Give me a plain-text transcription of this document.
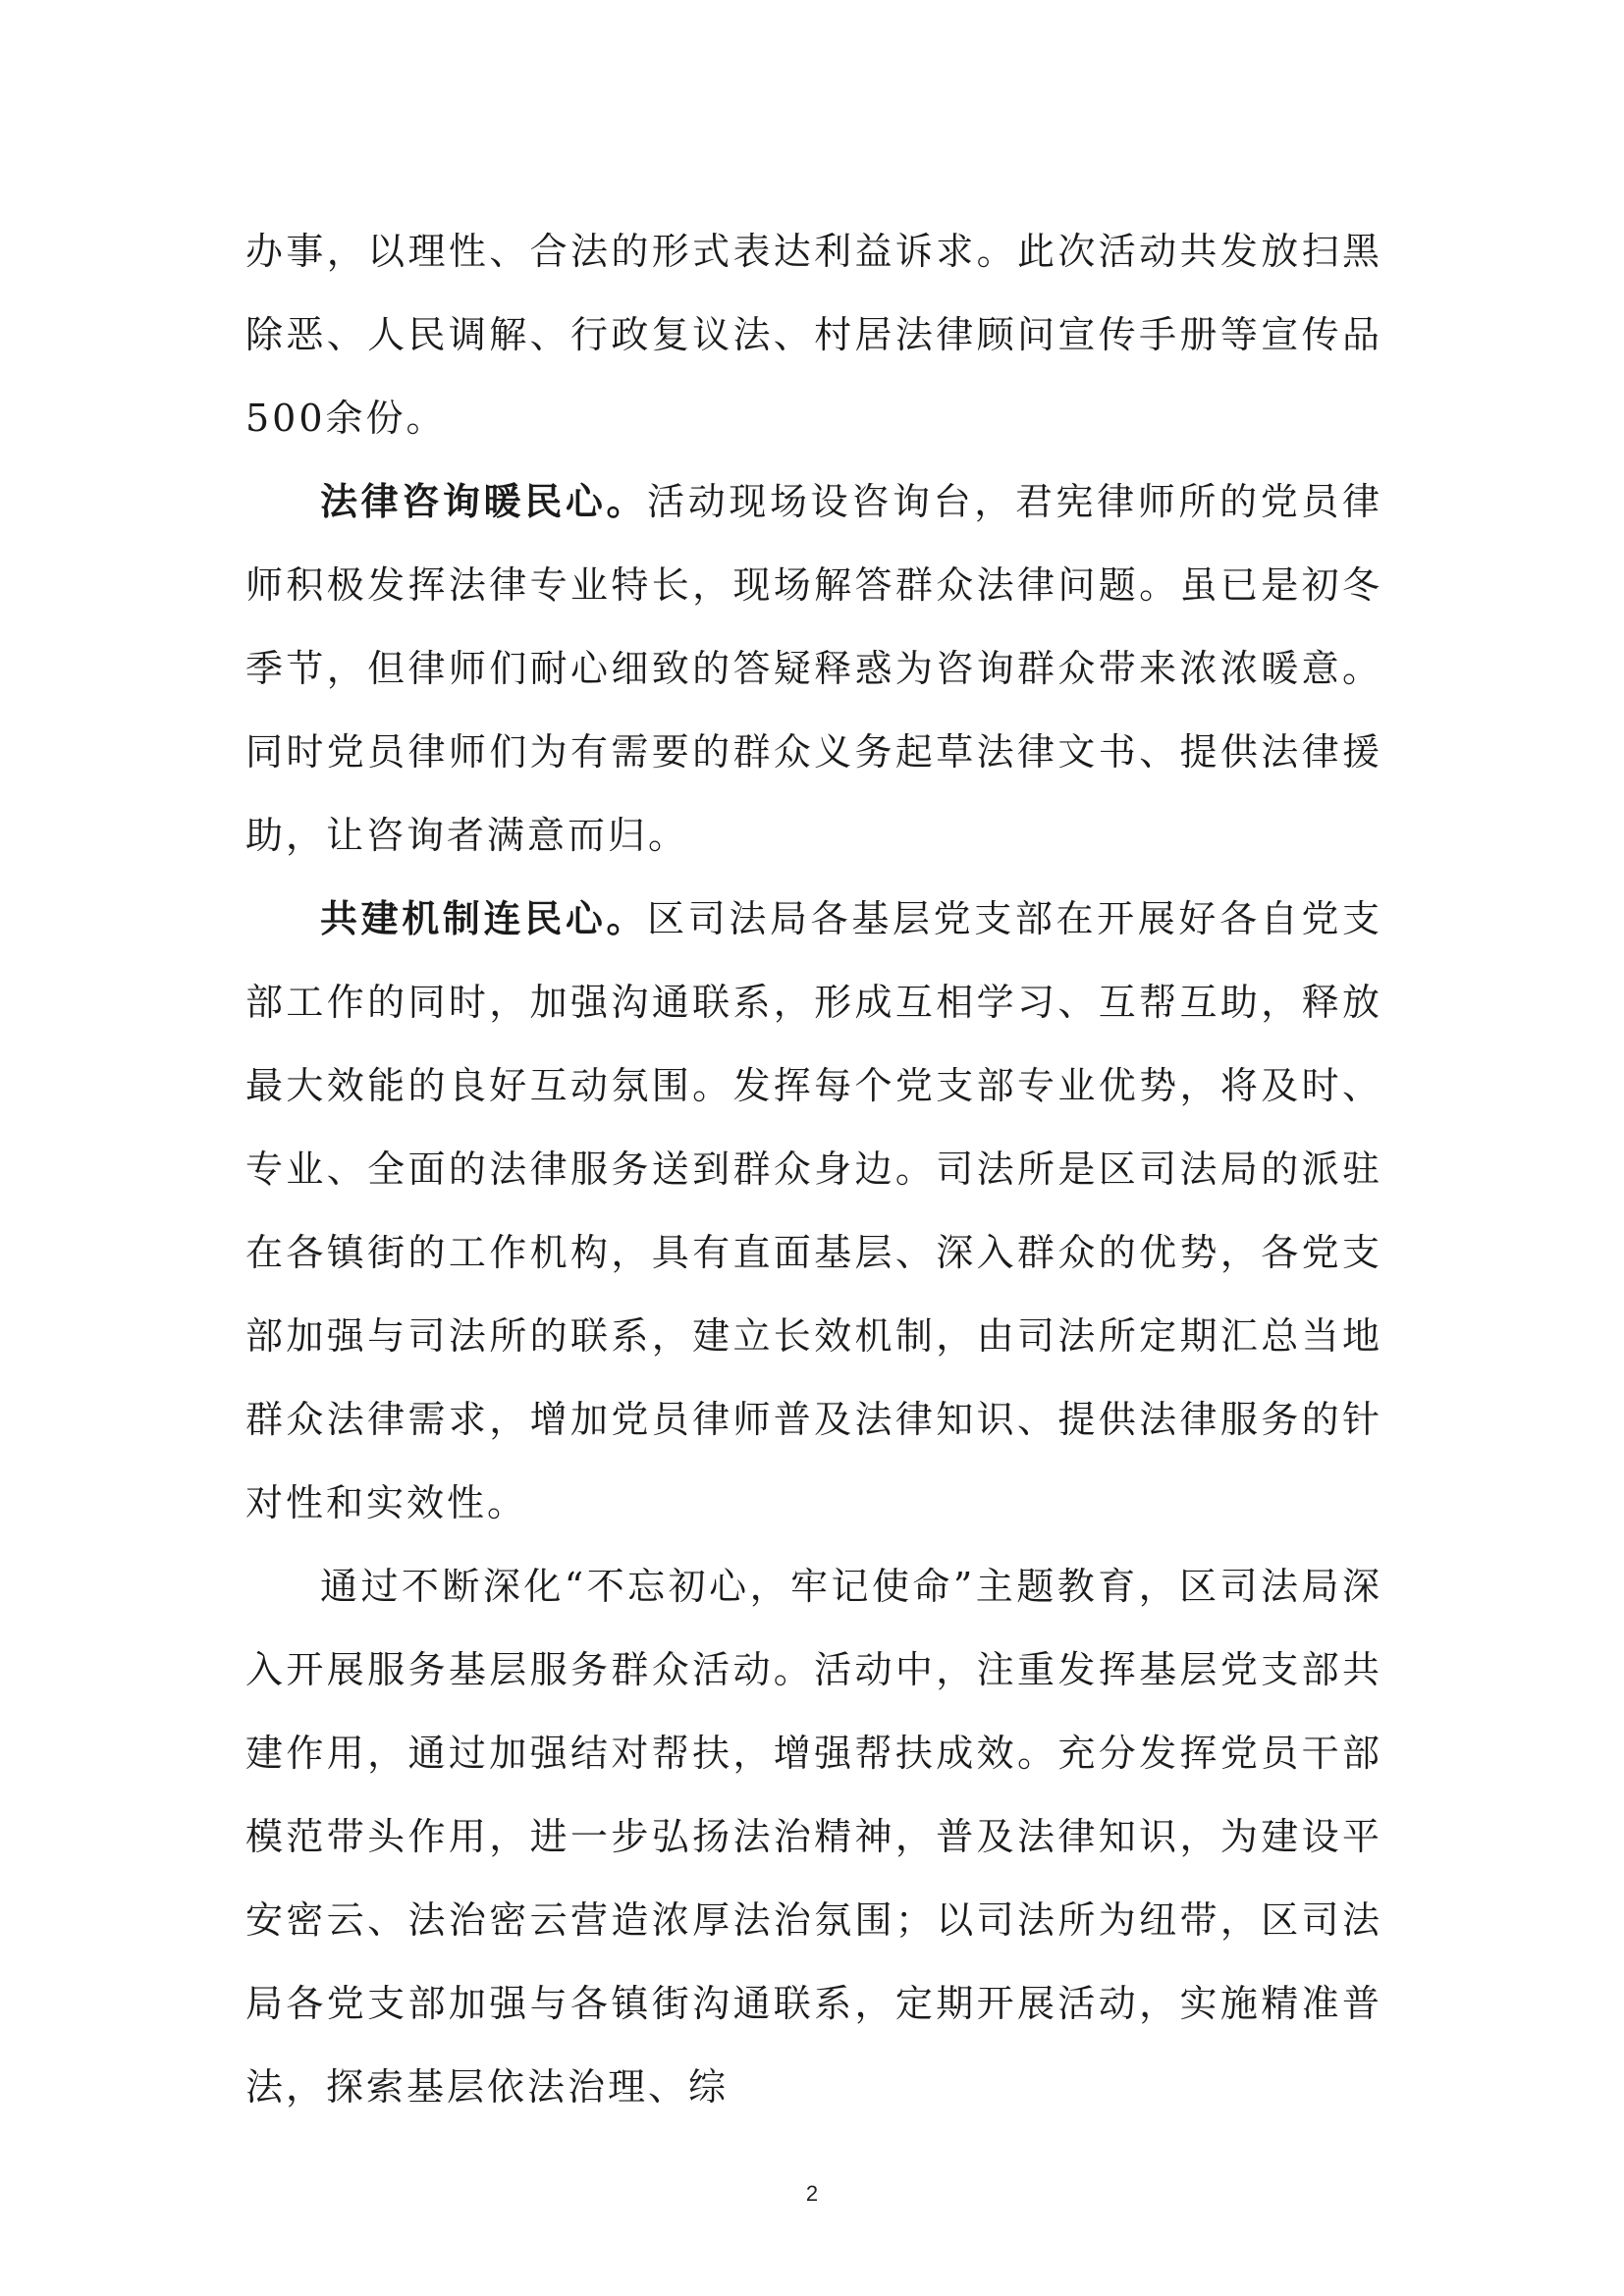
办事，以理性、合法的形式表达利益诉求。此次活动共发放扫黑除恶、人民调解、行政复议法、村居法律顾问宣传手册等宣传品500余份。

法律咨询暖民心。活动现场设咨询台，君宪律师所的党员律师积极发挥法律专业特长，现场解答群众法律问题。虽已是初冬季节，但律师们耐心细致的答疑释惑为咨询群众带来浓浓暖意。同时党员律师们为有需要的群众义务起草法律文书、提供法律援助，让咨询者满意而归。

共建机制连民心。区司法局各基层党支部在开展好各自党支部工作的同时，加强沟通联系，形成互相学习、互帮互助，释放最大效能的良好互动氛围。发挥每个党支部专业优势，将及时、专业、全面的法律服务送到群众身边。司法所是区司法局的派驻在各镇街的工作机构，具有直面基层、深入群众的优势，各党支部加强与司法所的联系，建立长效机制，由司法所定期汇总当地群众法律需求，增加党员律师普及法律知识、提供法律服务的针对性和实效性。

通过不断深化“不忘初心，牢记使命”主题教育，区司法局深入开展服务基层服务群众活动。活动中，注重发挥基层党支部共建作用，通过加强结对帮扶，增强帮扶成效。充分发挥党员干部模范带头作用，进一步弘扬法治精神，普及法律知识，为建设平安密云、法治密云营造浓厚法治氛围；以司法所为纽带，区司法局各党支部加强与各镇街沟通联系，定期开展活动，实施精准普法，探索基层依法治理、综

2
